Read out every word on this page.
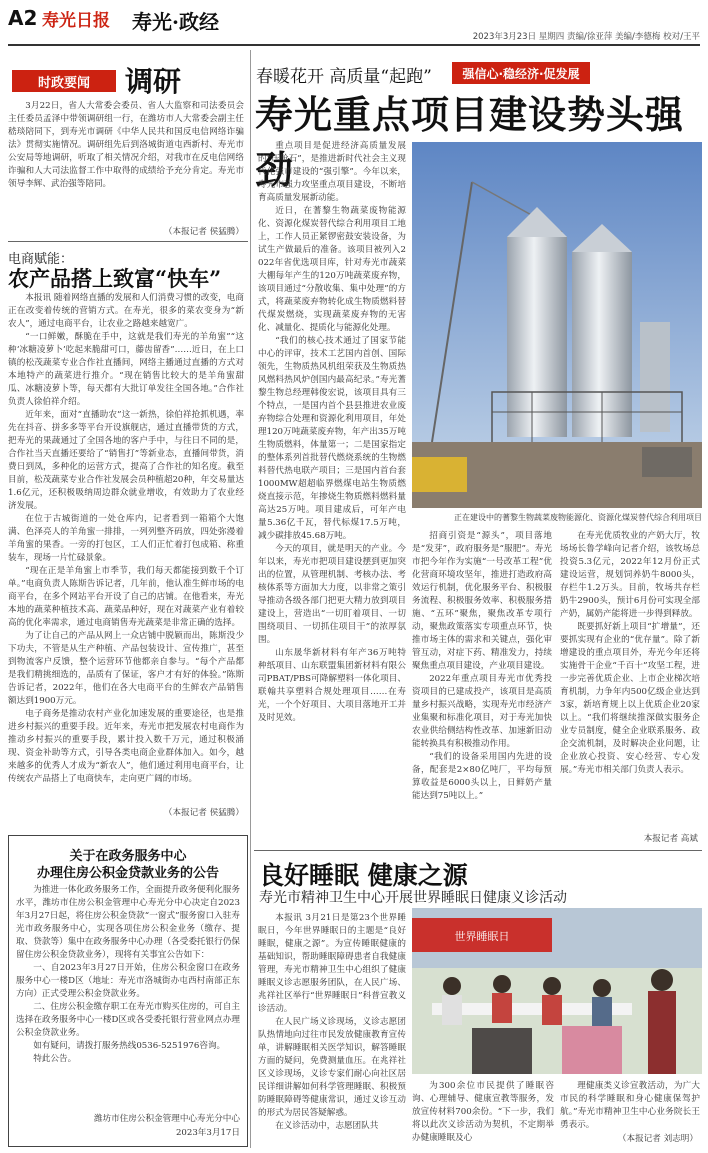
A2 寿光日报 寿光·政经
2023年3月23日 星期四 责编/徐亚萍 美编/李德梅 校对/王平
时政要闻	调研

3月22日，省人大常委会委员、省人大监察和司法委员会主任委员孟泽中带领调研组一行，在潍坊市人大常委会副主任嵇琰陪同下，到寿光市调研《中华人民共和国反电信网络诈骗法》贯彻实施情况。调研组先后到洛城街道屯西新村、寿光市公安局等地调研，听取了相关情况介绍，对我市在反电信网络诈骗和人大司法监督工作中取得的成绩给予充分肯定。寿光市领导李辉、武治强等陪同。

（本报记者 侯猛腾）
电商赋能：
农产品搭上致富“快车”

本报讯 随着网络直播的发展和人们消费习惯的改变，电商正在改变着传统的营销方式。在寿光，很多的菜农变身为“新农人”，通过电商平台，让农业之路越来越宽广。

“一口鲜嫩，酥脆在手中，这就是我们寿光的羊角蜜”“这种‘冰糖凌萝卜’吃起来脆甜可口，藤齿留香”……近日，在上口镇的松茂蔬菜专业合作社直播间，网络主播通过直播的方式对本地特产的蔬菜进行推介。“现在销售比较大的是羊角蜜甜瓜、冰糖凌萝卜等，每天都有大批订单发往全国各地。”合作社负责人徐伯祥介绍。

近年来，面对“直播助农”这一新热，徐伯祥抢抓机遇，率先在抖音、拼多多等平台开设旗舰店，通过直播带货的方式，把寿光的果蔬通过了全国各地的客户手中，与往日不同的是，合作社当天直播还要给了“销售打”等新业态，直播间带货，消费日到凤，多种化的运营方式，提高了合作社的知名度。截至目前，松茂蔬菜专业合作社发展会员种植超20种，年交易量达1.6亿元，还积极吸纳周边群众就业增收，有效助力了农业经济发展。

在位于古城街道的一处仓库内，记者看到一箱箱个大饱满、色泽亮人的羊角蜜一排排，一列列整齐码放，四处弥漫着羊角蜜的果香。一旁的打包区，工人们正忙着打包成箱、称重装车，现场一片忙碌景象。

“现在正是羊角蜜上市季节，我们每天都能接到数千个订单。”电商负责人陈斯告诉记者，几年前，他认准生鲜市场的电商平台，在多个网站平台开设了自己的店铺。在他看来，寿光本地的蔬菜种植技术高、蔬菜品种好，现在对蔬菜产业有着较高的优化率需求，通过电商销售寿光蔬菜是非常正确的选择。

为了让自己的产品从网上一众店铺中脱颖而出，陈斯没少下功夫，不管是从生产种植、产品包装设计、宣传推广，甚至到物流客户反馈，整个运营环节他都亲自参与。“每个产品都是我们精挑细选的，品质有了保证，客户才有好的体验。”陈斯告诉记者，2022年，他们在各大电商平台的生鲜农产品销售额达到1900万元。

电子商务是推动农村产业化加速发展的重要途径，也是推进乡村振兴的重要手段。近年来，寿光市把发展农村电商作为推动乡村振兴的重要手段，累计投入数千万元，通过积极涌现、资金补助等方式，引导各类电商企业群体加入。如今，越来越多的优秀人才成为“新农人”，他们通过利用电商平台，让传统农产品搭上了电商快车，走向更广阔的市场。

（本报记者 侯猛腾）
关于在政务服务中心
办理住房公积金贷款业务的公告

为推进一体化政务服务工作，全面提升政务便利化服务水平，潍坊市住房公积金管理中心寿光分中心决定自2023年3月27日起，将住房公积金贷款“一窗式”服务窗口入驻寿光市政务服务中心，实现各项住房公积金业务（缴存、提取、贷款等）集中在政务服务中心办理（各受委托银行仍保留住房公积金贷款业务），现将有关事宜公告如下：

一、自2023年3月27日开始，住房公积金窗口在政务服务中心一楼D区（地址：寿光市洛城街办屯西村南部正东方向）正式受理公积金贷款业务。

二、住房公积金缴存职工在寿光市购买住房的，可自主选择在政务服务中心一楼D区或各受委托银行营业网点办理公积金贷款业务。

如有疑问，请拨打服务热线0536-5251976咨询。

特此公告。

潍坊市住房公积金管理中心寿光分中心
2023年3月17日
春暖花开 高质量“起跑”	强信心·稳经济·促发展
寿光重点项目建设势头强劲

重点项目是促进经济高质量发展的“压舱石”，是推进新时代社会主义现代化强市建设的“强引擎”。今年以来，寿光市强力攻坚重点项目建设，不断培育高质量发展新动能。

近日，在蓍黎生物蔬菜废物能源化、资源化煤炭替代综合利用项目工地上，工作人员正紧锣密鼓安装设备，为试生产做最后的准备。该项目被列入2022年省优选项目库，针对寿光市蔬菜大棚每年产生的120万吨蔬菜废弃物，该项目通过“分散收集、集中处理”的方式，将蔬菜废弃物转化成生物质燃料替代煤炭燃烧，实现蔬菜废弃物的无害化、减量化、提质化与能源化处理。

“我们的核心技术通过了国家节能中心的评审，技术工艺国内首创、国际领先，生物质热风机组荣获及生物质热风燃料热风炉创国内最高纪录。”寿光蓍黎生物总经理韩俊宏说，该项目具有三个特点，一是国内首个县县推进农业废弃物综合处理和资源化利用项目，年处理120万吨蔬菜废弃物，年产出35万吨生物质燃料，体量第一；二是国家指定的整体系列首批替代燃烧系统的生物燃料替代热电联产项目；三是国内首台套1000MW超超临界燃煤电站生物质燃烧直接示范，年掺烧生物质燃料燃料量高达25万吨。项目建成后，可年产电量5.36亿千瓦，替代标煤17.5万吨，减少碳排放45.68万吨。

今天的项目，就是明天的产业。今年以来，寿光市把项目建设摆到更加突出的位置，从管理机制、考核办法、考核体系等方面加大力度，以非常之策引导推动各级各部门把更大精力放到项目建设上，营造出“一切盯着项目、一切围绕项目、一切抓住项目干”的浓厚氛围。

山东晟华新材料有年产36万吨特种纸项目、山东联盟集团新材料有限公司PBAT/PBS可降解塑料一体化项目、联翰共享塑料合规处理项目……在寿光，一个个好项目、大项目落地开工并及时见效。

正在建设中的蓍黎生物蔬菜废物能源化、资源化煤炭替代综合利用项目

招商引资是“源头”，项目落地是“发芽”，政府服务是“服肥”。寿光市把今年作为实施“一号改革工程”优化营商环境攻坚年，推进打造政府高效运行机制，优化服务平台、积极服务流程、积极服务效率、积极服务措施、“五环”聚焦，聚焦改革专项行动，聚焦政策落实专项重点环节，快推市场主体的需求和关键点，强化审管互动，对症下药、精准发力，持续聚焦重点项目建设，产业项目建设。

2022年重点项目寿光市优秀投资项目的已建成投产，该项目是高质量乡村振兴战略，实现寿光市经济产业集聚和标准化项目，对于寿光加快农业供给侧结构性改革、加速新旧动能转换具有积极推动作用。

“我们的设备采用国内先进的设备，配套是2×80亿吨厂，平均每预算收益是6000头以上，日鲜奶产量能达到75吨以上。”

在寿光优质牧业的产奶大厅，牧场场长鲁学峰向记者介绍，该牧场总投资5.3亿元，2022年12月份正式建设运营，规划饲养奶牛8000头，存栏牛1.2万头。目前，牧场共存栏奶牛2900头，预计6月份可实现全部产奶，属奶产能将进一步得到释放。

既要抓好新上项目“扩增量”，还要抓实现有企业的“优存量”。除了新增建设的重点项目外，寿光今年还将实施骨干企业“千百十”攻坚工程，进一步完善优质企业、上市企业梯次培育机制，力争年内500亿级企业达到3家，新培育规上以上优质企业20家以上。“我们将继续推深做实服务企业专员制度，健全企业联系服务、政企交流机制，及时解决企业问题，让企业放心投资、安心经营、专心发展。”寿光市相关部门负责人表示。

本报记者 高斌
良好睡眠 健康之源
寿光市精神卫生中心开展世界睡眠日健康义诊活动

本报讯 3月21日是第23个世界睡眠日，今年世界睡眠日的主题是“良好睡眠，健康之源”。为宣传睡眠健康的基础知识，帮助睡眠障碍患者自我健康管理，寿光市精神卫生中心组织了健康睡眠义诊志愿服务团队，在人民广场、兆祥社区举行“世界睡眠日”科普宣教义诊活动。

在人民广场义诊现场，义诊志愿团队热情地向过往市民发放健康教育宣传单，讲解睡眠相关医学知识，解答睡眠方面的疑问，免费测量血压。在兆祥社区义诊现场，义诊专家们耐心向社区居民详细讲解如何科学管理睡眠、积极预防睡眠障碍等健康常识，通过义诊互动的形式为居民答疑解惑。

在义诊活动中，志愿团队共

世界睡眠日

为300余位市民提供了睡眠咨询、心理辅导、健康宣教等服务，发放宣传材料700余份。“下一步，我们将以此次义诊活动为契机，不定期举办健康睡眠及心

理健康类义诊宣教活动，为广大市民的科学睡眠和身心健康保驾护航。”寿光市精神卫生中心业务院长王勇表示。

（本报记者 刘志明）
